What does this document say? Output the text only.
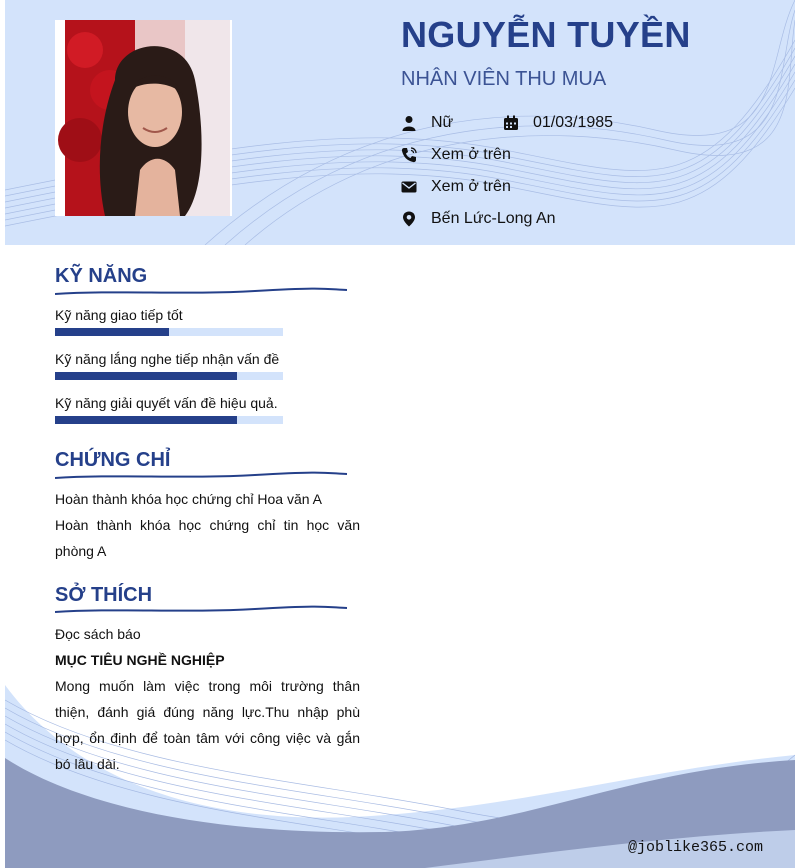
NGUYỄN TUYỀN
NHÂN VIÊN THU MUA
Nữ	01/03/1985
Xem ở trên
Xem ở trên
Bến Lức-Long An
KỸ NĂNG
Kỹ năng giao tiếp tốt
Kỹ năng lắng nghe tiếp nhận vấn đề
Kỹ năng giải quyết vấn đề hiệu quả.
CHỨNG CHỈ
Hoàn thành khóa học chứng chỉ Hoa văn A
Hoàn thành khóa học chứng chỉ tin học văn phòng A
SỞ THÍCH
Đọc sách báo
MỤC TIÊU NGHỀ NGHIỆP
Mong muốn làm việc trong môi trường thân thiện, đánh giá đúng năng lực.Thu nhập phù hợp, ổn định để toàn tâm với công việc và gắn bó lâu dài.
@joblike365.com
